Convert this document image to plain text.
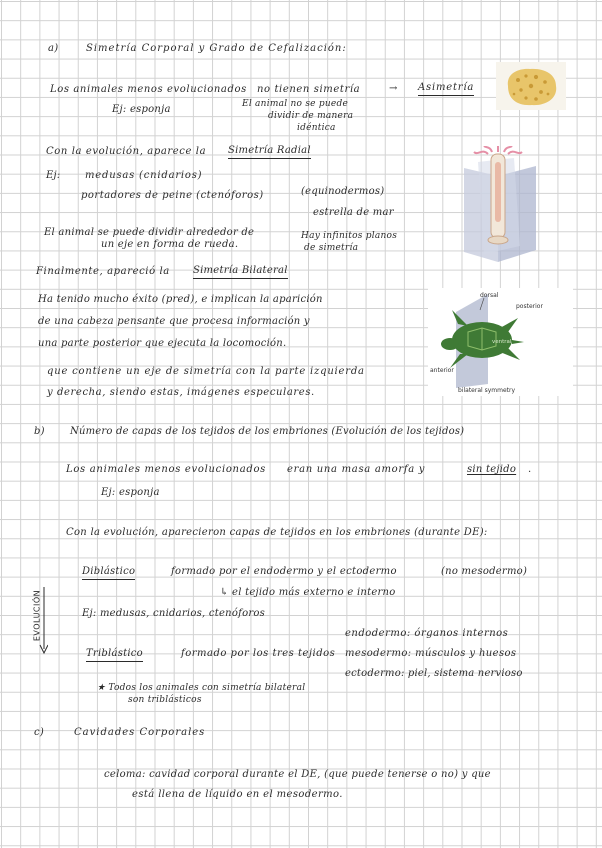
a)	Simetría Corporal y Grado de Cefalización:
Los animales menos evolucionados no tienen simetría	→ Asimetría
Ej: esponja	El animal no se puede
dividir de manera
idéntica
Con la evolución, aparece la Simetría Radial
Ej: medusas (cnidarios)
portadores de peine (ctenóforos)	(equinodermos)
estrella de mar
El animal se puede dividir alrededor de
un eje en forma de rueda.
Hay infinitos planos
de simetría
Finalmente, apareció la Simetría Bilateral
Ha tenido mucho éxito (pred), e implican la aparición
de una cabeza pensante que procesa información y
una parte posterior que ejecuta la locomoción.
que contiene un eje de simetría con la parte izquierda
y derecha, siendo estas, imágenes especulares.
dorsal
posterior
ventral
anterior
bilateral symmetry
b)	Número de capas de los tejidos de los embriones (Evolución de los tejidos)
Los animales menos evolucionados eran una masa amorfa y	sin tejido .
Ej: esponja
Con la evolución, aparecieron capas de tejidos en los embriones (durante DE):
EVOLUCIÓN
Diblástico	formado por el endodermo y el ectodermo	(no mesodermo)
↳ el tejido más externo e interno
Ej: medusas, cnidarios, ctenóforos
endodermo: órganos internos
Triblástico	formado por los tres tejidos mesodermo: músculos y huesos
ectodermo: piel, sistema nervioso
★ Todos los animales con simetría bilateral
son triblásticos
c)	Cavidades Corporales
celoma: cavidad corporal durante el DE, (que puede tenerse o no) y que
está llena de líquido en el mesodermo.
